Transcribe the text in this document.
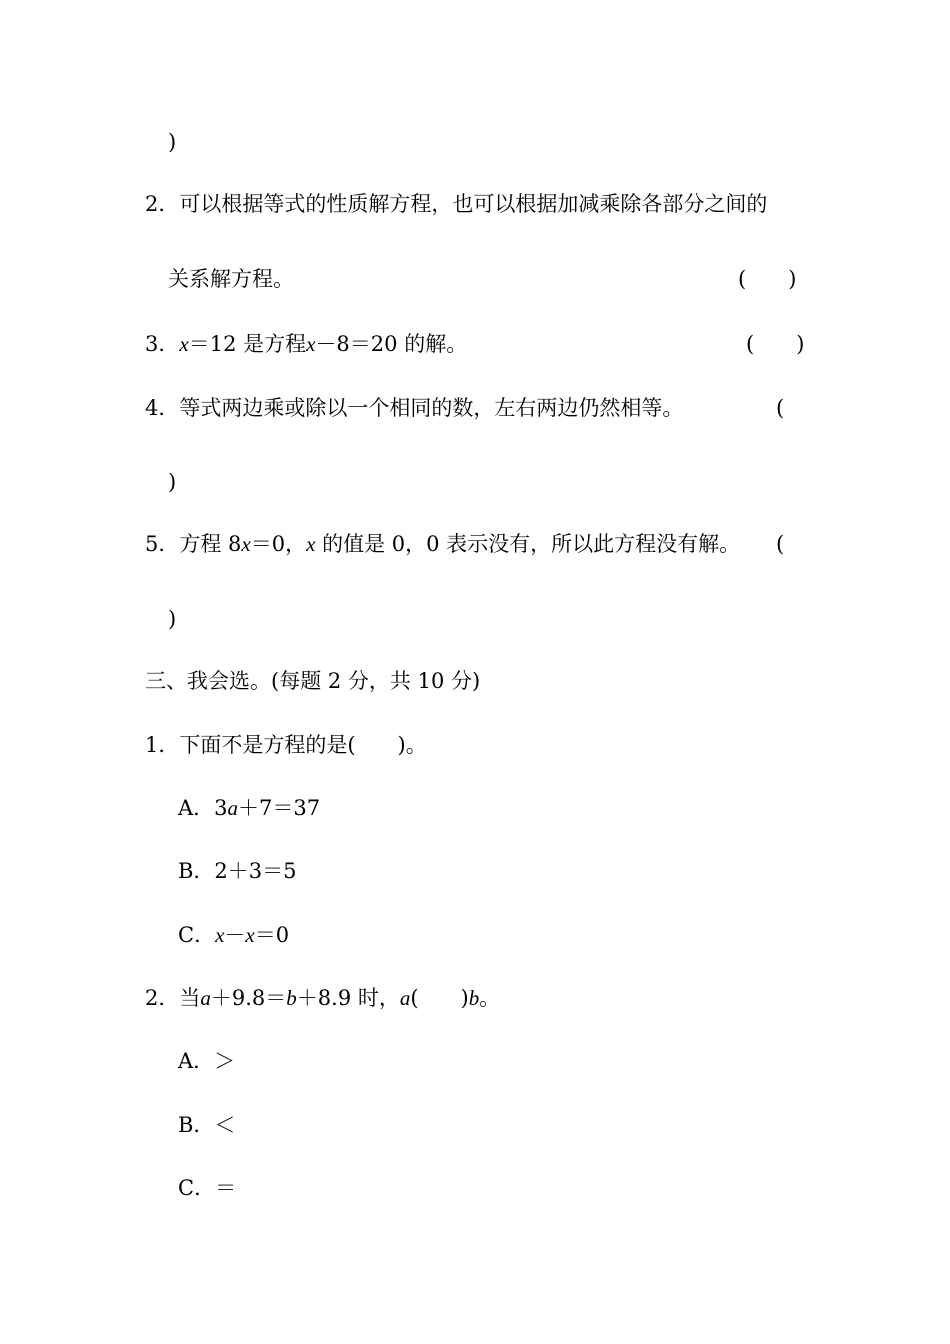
)
2．可以根据等式的性质解方程，也可以根据加减乘除各部分之间的
关系解方程。	(　　)
3．x＝12 是方程x－8＝20 的解。	(　　)
4．等式两边乘或除以一个相同的数，左右两边仍然相等。	(
)
5．方程 8x＝0，x 的值是 0，0 表示没有，所以此方程没有解。 (
)
三、我会选。(每题 2 分，共 10 分)
1．下面不是方程的是(　　)。
A．3a＋7＝37
B．2＋3＝5
C．x－x＝0
2．当a＋9.8＝b＋8.9 时，a(　　)b。
A．＞
B．＜
C．＝
